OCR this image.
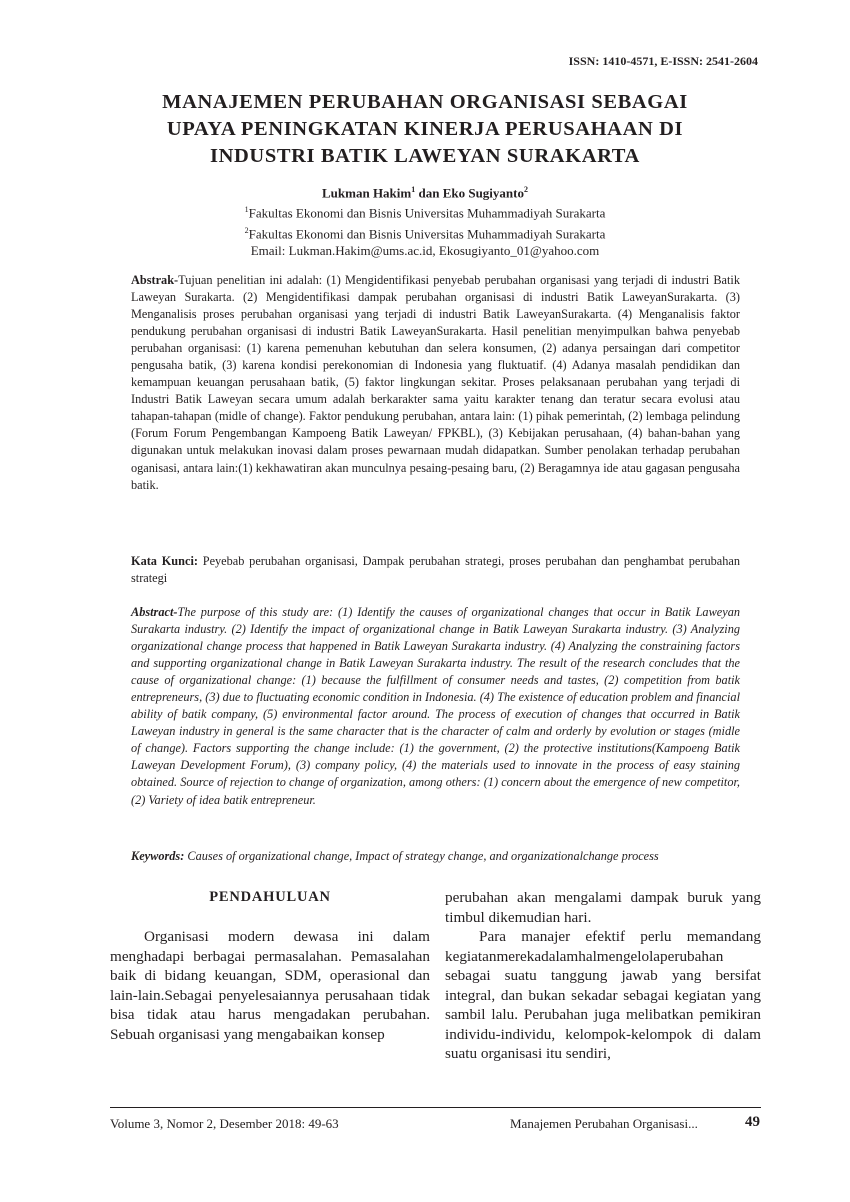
ISSN: 1410-4571, E-ISSN: 2541-2604
MANAJEMEN PERUBAHAN ORGANISASI SEBAGAI
UPAYA PENINGKATAN KINERJA PERUSAHAAN DI
INDUSTRI BATIK LAWEYAN SURAKARTA
Lukman Hakim$^1$ dan Eko Sugiyanto$^2$
$^1$Fakultas Ekonomi dan Bisnis Universitas Muhammadiyah Surakarta
$^2$Fakultas Ekonomi dan Bisnis Universitas Muhammadiyah Surakarta
Email: Lukman.Hakim@ums.ac.id, Ekosugiyanto_01@yahoo.com
Abstrak-Tujuan penelitian ini adalah: (1) Mengidentifikasi penyebab perubahan organisasi yang terjadi di industri Batik Laweyan Surakarta. (2) Mengidentifikasi dampak perubahan organisasi di industri Batik LaweyanSurakarta. (3) Menganalisis proses perubahan organisasi yang terjadi di industri Batik LaweyanSurakarta. (4) Menganalisis faktor pendukung perubahan organisasi di industri Batik LaweyanSurakarta. Hasil penelitian menyimpulkan bahwa penyebab perubahan organisasi: (1) karena pemenuhan kebutuhan dan selera konsumen, (2) adanya persaingan dari competitor pengusaha batik, (3) karena kondisi perekonomian di Indonesia yang fluktuatif. (4) Adanya masalah pendidikan dan kemampuan keuangan perusahaan batik, (5) faktor lingkungan sekitar. Proses pelaksanaan perubahan yang terjadi di Industri Batik Laweyan secara umum adalah berkarakter sama yaitu karakter tenang dan teratur secara evolusi atau tahapan-tahapan (midle of change). Faktor pendukung perubahan, antara lain: (1) pihak pemerintah, (2) lembaga pelindung (Forum Forum Pengembangan Kampoeng Batik Laweyan/ FPKBL), (3) Kebijakan perusahaan, (4) bahan-bahan yang digunakan untuk melakukan inovasi dalam proses pewarnaan mudah didapatkan. Sumber penolakan terhadap perubahan oganisasi, antara lain:(1) kekhawatiran akan munculnya pesaing-pesaing baru, (2) Beragamnya ide atau gagasan pengusaha batik.
Kata Kunci: Peyebab perubahan organisasi, Dampak perubahan strategi, proses perubahan dan penghambat perubahan strategi
Abstract-The purpose of this study are: (1) Identify the causes of organizational changes that occur in Batik Laweyan Surakarta industry. (2) Identify the impact of organizational change in Batik Laweyan Surakarta industry. (3) Analyzing organizational change process that happened in Batik Laweyan Surakarta industry. (4) Analyzing the constraining factors and supporting organizational change in Batik Laweyan Surakarta industry. The result of the research concludes that the cause of organizational change: (1) because the fulfillment of consumer needs and tastes, (2) competition from batik entrepreneurs, (3) due to fluctuating economic condition in Indonesia. (4) The existence of education problem and financial ability of batik company, (5) environmental factor around. The process of execution of changes that occurred in Batik Laweyan industry in general is the same character that is the character of calm and orderly by evolution or stages (midle of change). Factors supporting the change include: (1) the government, (2) the protective institutions(Kampoeng Batik Laweyan Development Forum), (3) company policy, (4) the materials used to innovate in the process of easy staining obtained. Source of rejection to change of organization, among others: (1) concern about the emergence of new competitor, (2) Variety of idea batik entrepreneur.
Keywords: Causes of organizational change, Impact of strategy change, and organizationalchange process
PENDAHULUAN

Organisasi modern dewasa ini dalam menghadapi berbagai permasalahan. Pemasalahan baik di bidang keuangan, SDM, operasional dan lain-lain.Sebagai penyelesaiannya perusahaan tidak bisa tidak atau harus mengadakan perubahan. Sebuah organisasi yang mengabaikan konsep

perubahan akan mengalami dampak buruk yang timbul dikemudian hari.

Para manajer efektif perlu memandang kegiatanmerekadalamhalmengelolaperubahan sebagai suatu tanggung jawab yang bersifat integral, dan bukan sekadar sebagai kegiatan yang sambil lalu. Perubahan juga melibatkan pemikiran individu-individu, kelompok-kelompok di dalam suatu organisasi itu sendiri,

Volume 3, Nomor 2, Desember 2018: 49-63	Manajemen Perubahan Organisasi...	49
